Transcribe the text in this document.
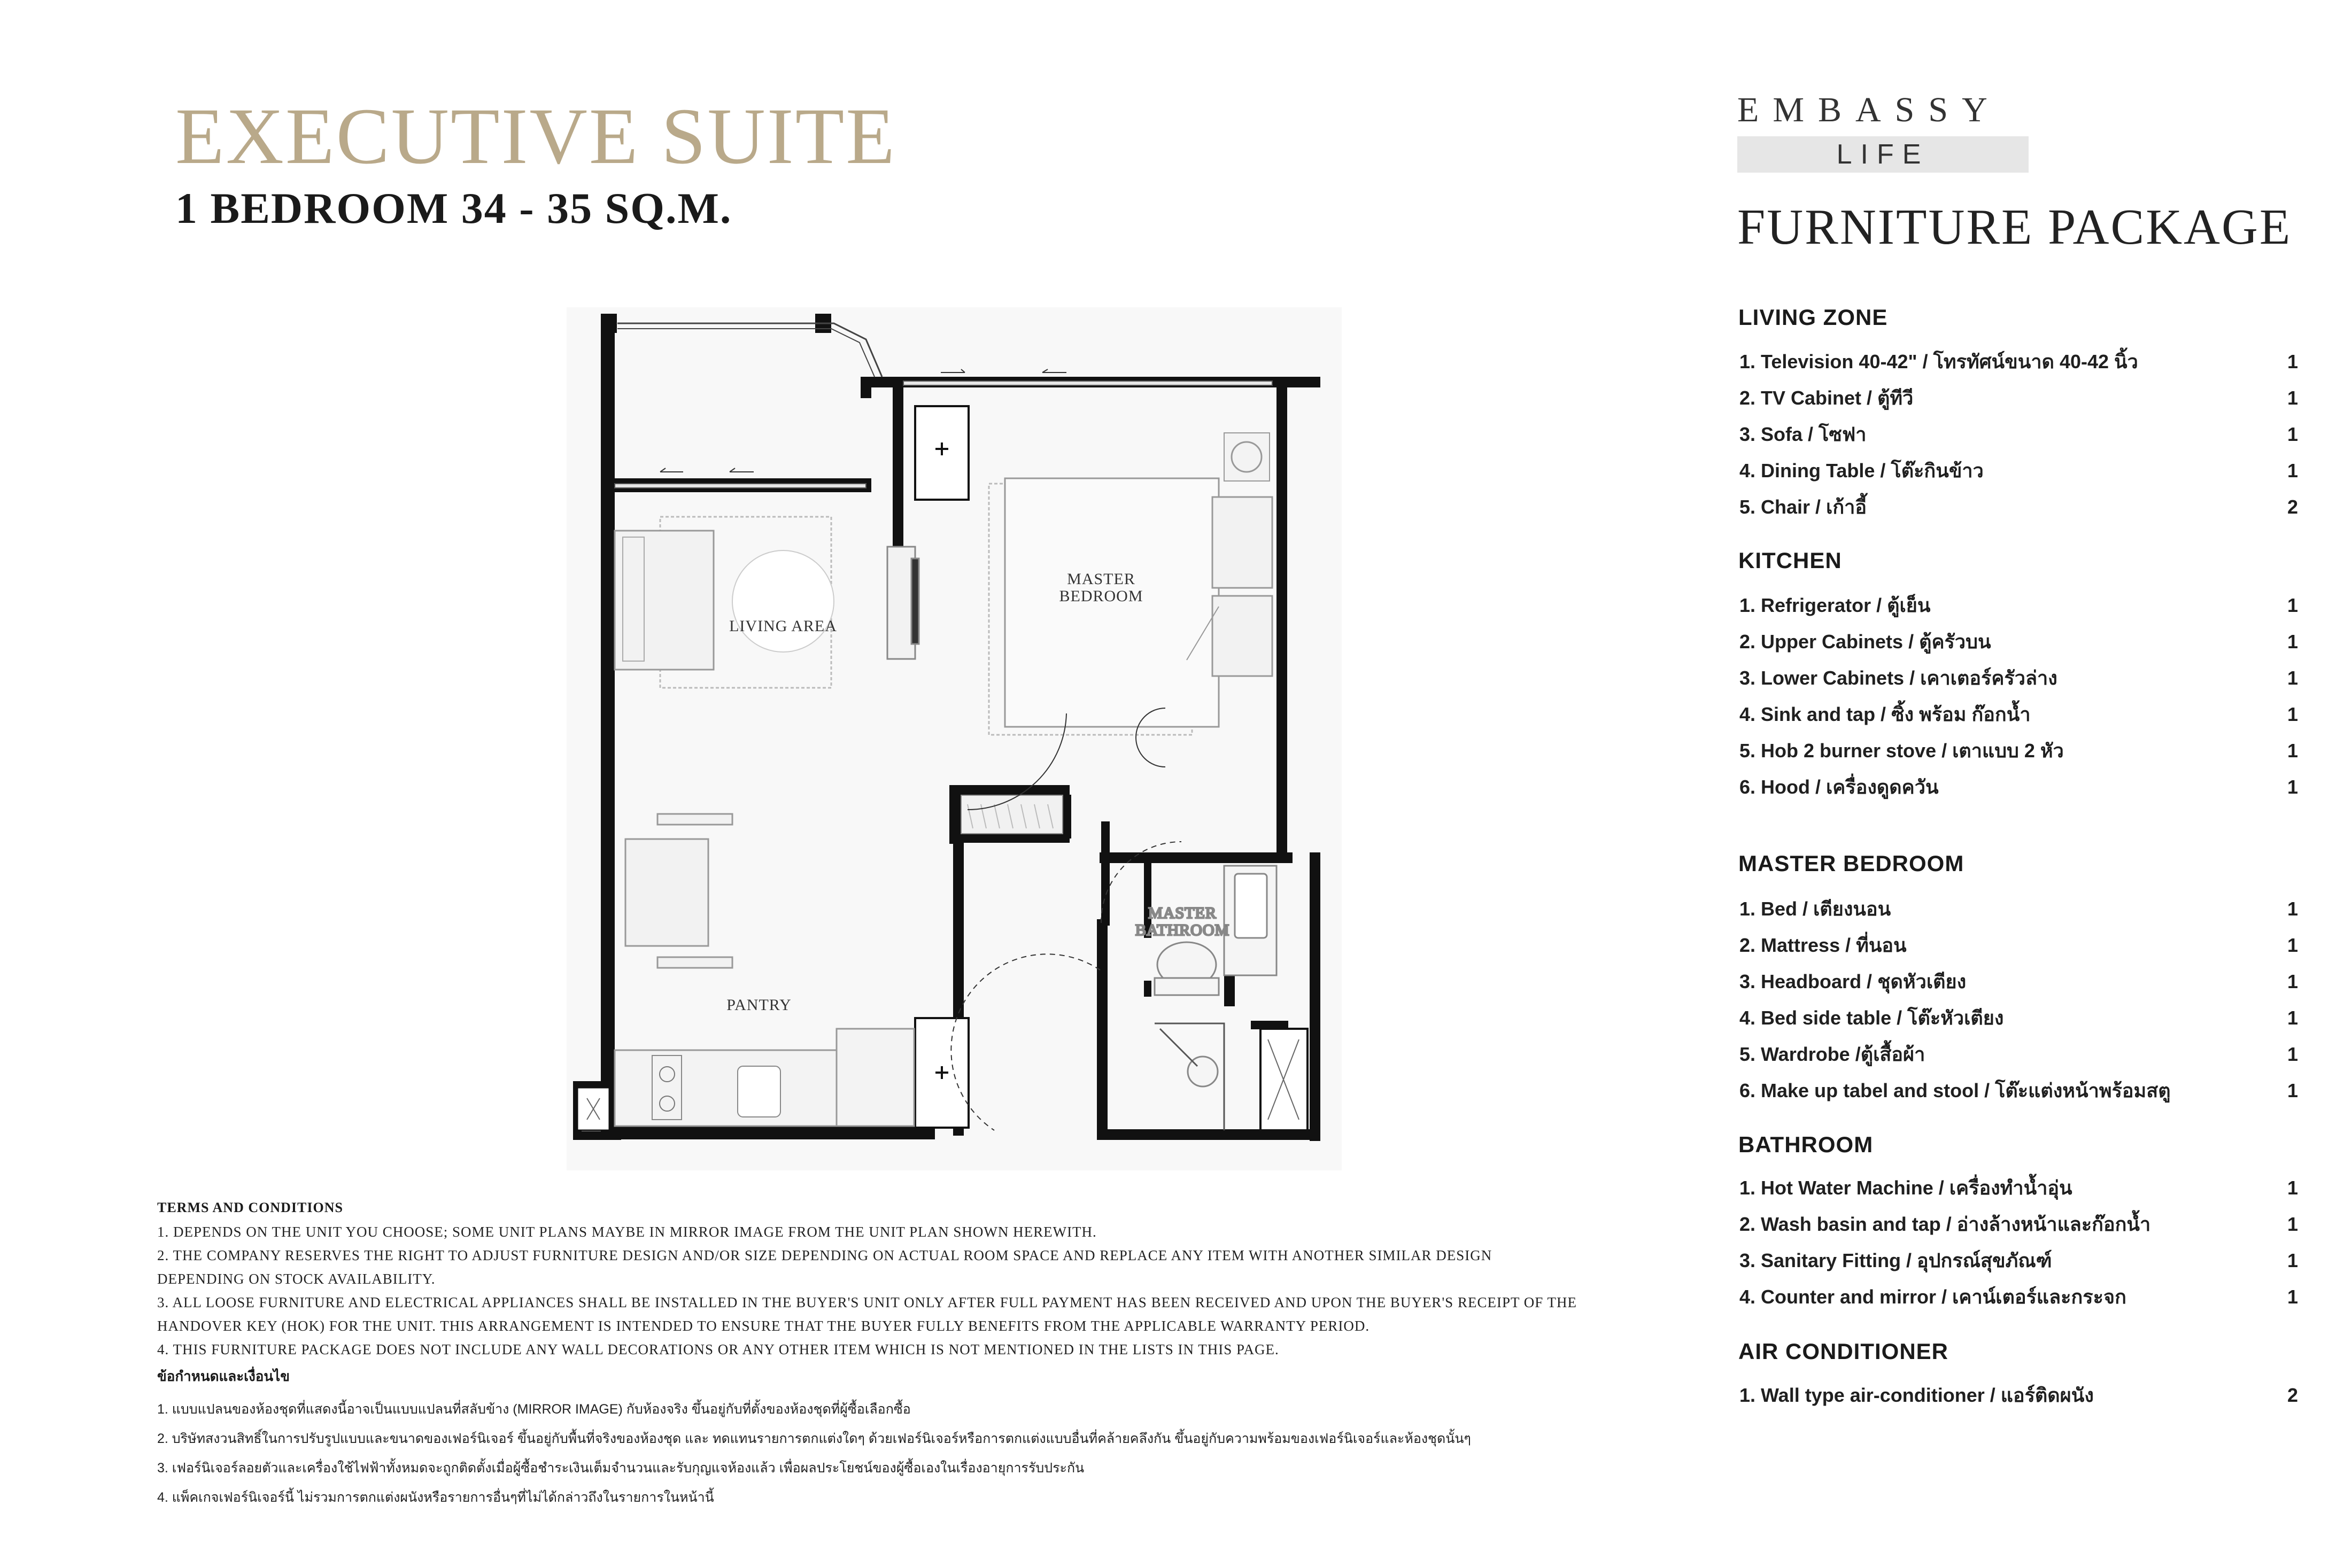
EXECUTIVE SUITE
1 BEDROOM 34 - 35 SQ.M.
EMBASSY
LIFE
FURNITURE PACKAGE
LIVING ZONE
1. Television 40-42" / โทรทัศน์ขนาด 40-42 นิ้ว	1
2. TV Cabinet / ตู้ทีวี	1
3. Sofa / โซฟา	1
4. Dining Table / โต๊ะกินข้าว	1
5. Chair / เก้าอี้	2
KITCHEN
1. Refrigerator / ตู้เย็น	1
2. Upper Cabinets / ตู้ครัวบน	1
3. Lower Cabinets / เคาเตอร์ครัวล่าง	1
4. Sink and tap / ซิ้ง พร้อม ก๊อกน้ำ	1
5. Hob 2 burner stove / เตาแบบ 2 หัว	1
6. Hood / เครื่องดูดควัน	1
MASTER BEDROOM
1. Bed / เตียงนอน	1
2. Mattress / ที่นอน	1
3. Headboard / ชุดหัวเตียง	1
4. Bed side table / โต๊ะหัวเตียง	1
5. Wardrobe /ตู้เสื้อผ้า	1
6. Make up tabel and stool / โต๊ะแต่งหน้าพร้อมสตู	1
BATHROOM
1. Hot Water Machine / เครื่องทำน้ำอุ่น	1
2. Wash basin and tap / อ่างล้างหน้าและก๊อกน้ำ	1
3. Sanitary Fitting / อุปกรณ์สุขภัณฑ์	1
4. Counter and mirror / เคาน์เตอร์และกระจก	1
AIR CONDITIONER
1. Wall type air-conditioner / แอร์ติดผนัง	2
LIVING AREA
MASTER
BEDROOM
MASTER
BATHROOM
PANTRY
TERMS AND CONDITIONS

1. DEPENDS ON THE UNIT YOU CHOOSE; SOME UNIT PLANS MAYBE IN MIRROR IMAGE FROM THE UNIT PLAN SHOWN HEREWITH.

2. THE COMPANY RESERVES THE RIGHT TO ADJUST FURNITURE DESIGN AND/OR SIZE DEPENDING ON ACTUAL ROOM SPACE AND REPLACE ANY ITEM WITH ANOTHER SIMILAR DESIGN

DEPENDING ON STOCK AVAILABILITY.

3. ALL LOOSE FURNITURE AND ELECTRICAL APPLIANCES SHALL BE INSTALLED IN THE BUYER'S UNIT ONLY AFTER FULL PAYMENT HAS BEEN RECEIVED AND UPON THE BUYER'S RECEIPT OF THE

HANDOVER KEY (HOK) FOR THE UNIT. THIS ARRANGEMENT IS INTENDED TO ENSURE THAT THE BUYER FULLY BENEFITS FROM THE APPLICABLE WARRANTY PERIOD.

4. THIS FURNITURE PACKAGE DOES NOT INCLUDE ANY WALL DECORATIONS OR ANY OTHER ITEM WHICH IS NOT MENTIONED IN THE LISTS IN THIS PAGE.

ข้อกำหนดและเงื่อนไข

1. แบบแปลนของห้องชุดที่แสดงนี้อาจเป็นแบบแปลนที่สลับข้าง (MIRROR IMAGE) กับห้องจริง ขึ้นอยู่กับที่ตั้งของห้องชุดที่ผู้ซื้อเลือกซื้อ

2. บริษัทสงวนสิทธิ์ในการปรับรูปแบบและขนาดของเฟอร์นิเจอร์ ขึ้นอยู่กับพื้นที่จริงของห้องชุด และ ทดแทนรายการตกแต่งใดๆ ด้วยเฟอร์นิเจอร์หรือการตกแต่งแบบอื่นที่คล้ายคลึงกัน ขึ้นอยู่กับความพร้อมของเฟอร์นิเจอร์และห้องชุดนั้นๆ

3. เฟอร์นิเจอร์ลอยตัวและเครื่องใช้ไฟฟ้าทั้งหมดจะถูกติดตั้งเมื่อผู้ซื้อชำระเงินเต็มจำนวนและรับกุญแจห้องแล้ว เพื่อผลประโยชน์ของผู้ซื้อเองในเรื่องอายุการรับประกัน

4. แพ็คเกจเฟอร์นิเจอร์นี้ ไม่รวมการตกแต่งผนังหรือรายการอื่นๆที่ไม่ได้กล่าวถึงในรายการในหน้านี้
